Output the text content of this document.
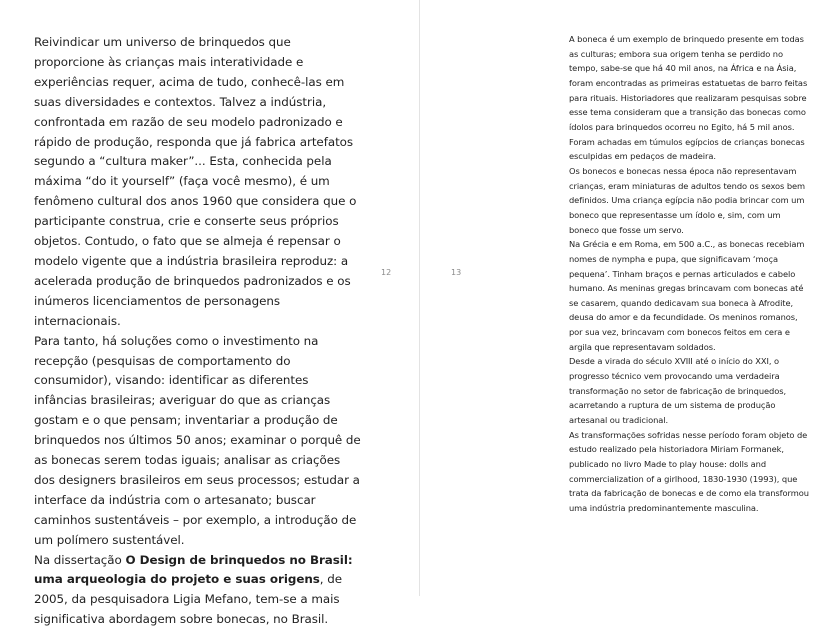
Reivindicar um universo de brinquedos que proporcione às crianças mais interatividade e experiências requer, acima de tudo, conhecê-las em suas diversidades e contextos. Talvez a indústria, confrontada em razão de seu modelo padronizado e rápido de produção, responda que já fabrica artefatos segundo a “cultura maker”... Esta, conhecida pela máxima “do it yourself” (faça você mesmo), é um fenômeno cultural dos anos 1960 que considera que o participante construa, crie e conserte seus próprios objetos. Contudo, o fato que se almeja é repensar o modelo vigente que a indústria brasileira reproduz: a acelerada produção de brinquedos padronizados e os inúmeros licenciamentos de personagens internacionais.

Para tanto, há soluções como o investimento na recepção (pesquisas de comportamento do consumidor), visando: identificar as diferentes infâncias brasileiras; averiguar do que as crianças gostam e o que pensam; inventariar a produção de brinquedos nos últimos 50 anos; examinar o porquê de as bonecas serem todas iguais; analisar as criações dos designers brasileiros em seus processos; estudar a interface da indústria com o artesanato; buscar caminhos sustentáveis – por exemplo, a introdução de um polímero sustentável.

Na dissertação O Design de brinquedos no Brasil: uma arqueologia do projeto e suas origens, de 2005, da pesquisadora Ligia Mefano, tem-se a mais significativa abordagem sobre bonecas, no Brasil.

12	13

A boneca é um exemplo de brinquedo presente em todas as culturas; embora sua origem tenha se perdido no tempo, sabe-se que há 40 mil anos, na África e na Ásia, foram encontradas as primeiras estatuetas de barro feitas para rituais. Historiadores que realizaram pesquisas sobre esse tema consideram que a transição das bonecas como ídolos para brinquedos ocorreu no Egito, há 5 mil anos. Foram achadas em túmulos egípcios de crianças bonecas esculpidas em pedaços de madeira.

Os bonecos e bonecas nessa época não representavam crianças, eram miniaturas de adultos tendo os sexos bem definidos. Uma criança egípcia não podia brincar com um boneco que representasse um ídolo e, sim, com um boneco que fosse um servo.

Na Grécia e em Roma, em 500 a.C., as bonecas recebiam nomes de nympha e pupa, que significavam ‘moça pequena’. Tinham braços e pernas articulados e cabelo humano. As meninas gregas brincavam com bonecas até se casarem, quando dedicavam sua boneca à Afrodite, deusa do amor e da fecundidade. Os meninos romanos, por sua vez, brincavam com bonecos feitos em cera e argila que representavam soldados.

Desde a virada do século XVIII até o início do XXI, o progresso técnico vem provocando uma verdadeira transformação no setor de fabricação de brinquedos, acarretando a ruptura de um sistema de produção artesanal ou tradicional.

As transformações sofridas nesse período foram objeto de estudo realizado pela historiadora Miriam Formanek, publicado no livro Made to play house: dolls and commercialization of a girlhood, 1830-1930 (1993), que trata da fabricação de bonecas e de como ela transformou uma indústria predominantemente masculina.
